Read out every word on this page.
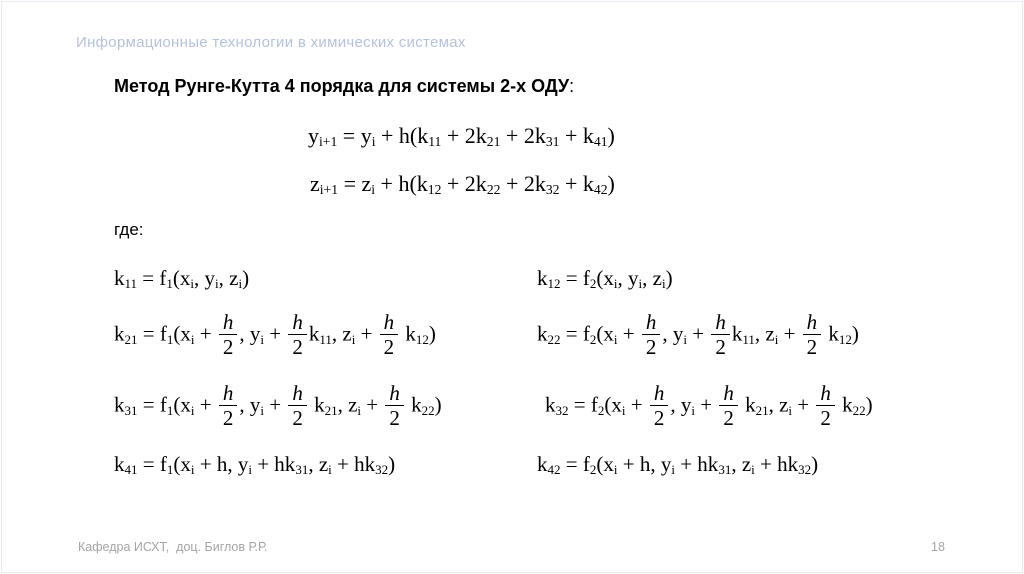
Информационные технологии в химических системах
Метод Рунге-Кутта 4 порядка для системы 2-х ОДУ:
$y_{i+1} = y_i + h(k_{11} + 2k_{21} + 2k_{31} + k_{41})$
$z_{i+1} = z_i + h(k_{12} + 2k_{22} + 2k_{32} + k_{42})$
где:
$k_{11} = f_1(x_i$, $y_i$, $z_i$)
$k_{21} = f_1(x_i + \frac{h}{2}$ , $y_i + \frac{h}{2} k_{11}$, $z_i + \frac{h}{2} k_{12}$)
$k_{31} = f_1(x_i + \frac{h}{2}$ , $y_i + \frac{h}{2} k_{21}$, $z_i + \frac{h}{2} k_{22}$)
$k_{41} = f_1(x_i + h$, $y_i + hk_{31}$, $z_i + hk_{32}$)
$k_{12} = f_2(x_i$, $y_i$, $z_i$)
$k_{22} = f_2(x_i + \frac{h}{2}$ , $y_i + \frac{h}{2} k_{11}$, $z_i + \frac{h}{2} k_{12}$)
$k_{32} = f_2(x_i + \frac{h}{2}$ , $y_i + \frac{h}{2} k_{21}$, $z_i + \frac{h}{2} k_{22}$)
$k_{42} = f_2(x_i + h$, $y_i + hk_{31}$, $z_i + hk_{32}$)
Кафедра ИСХТ,  доц. Биглов Р.Р.	18
